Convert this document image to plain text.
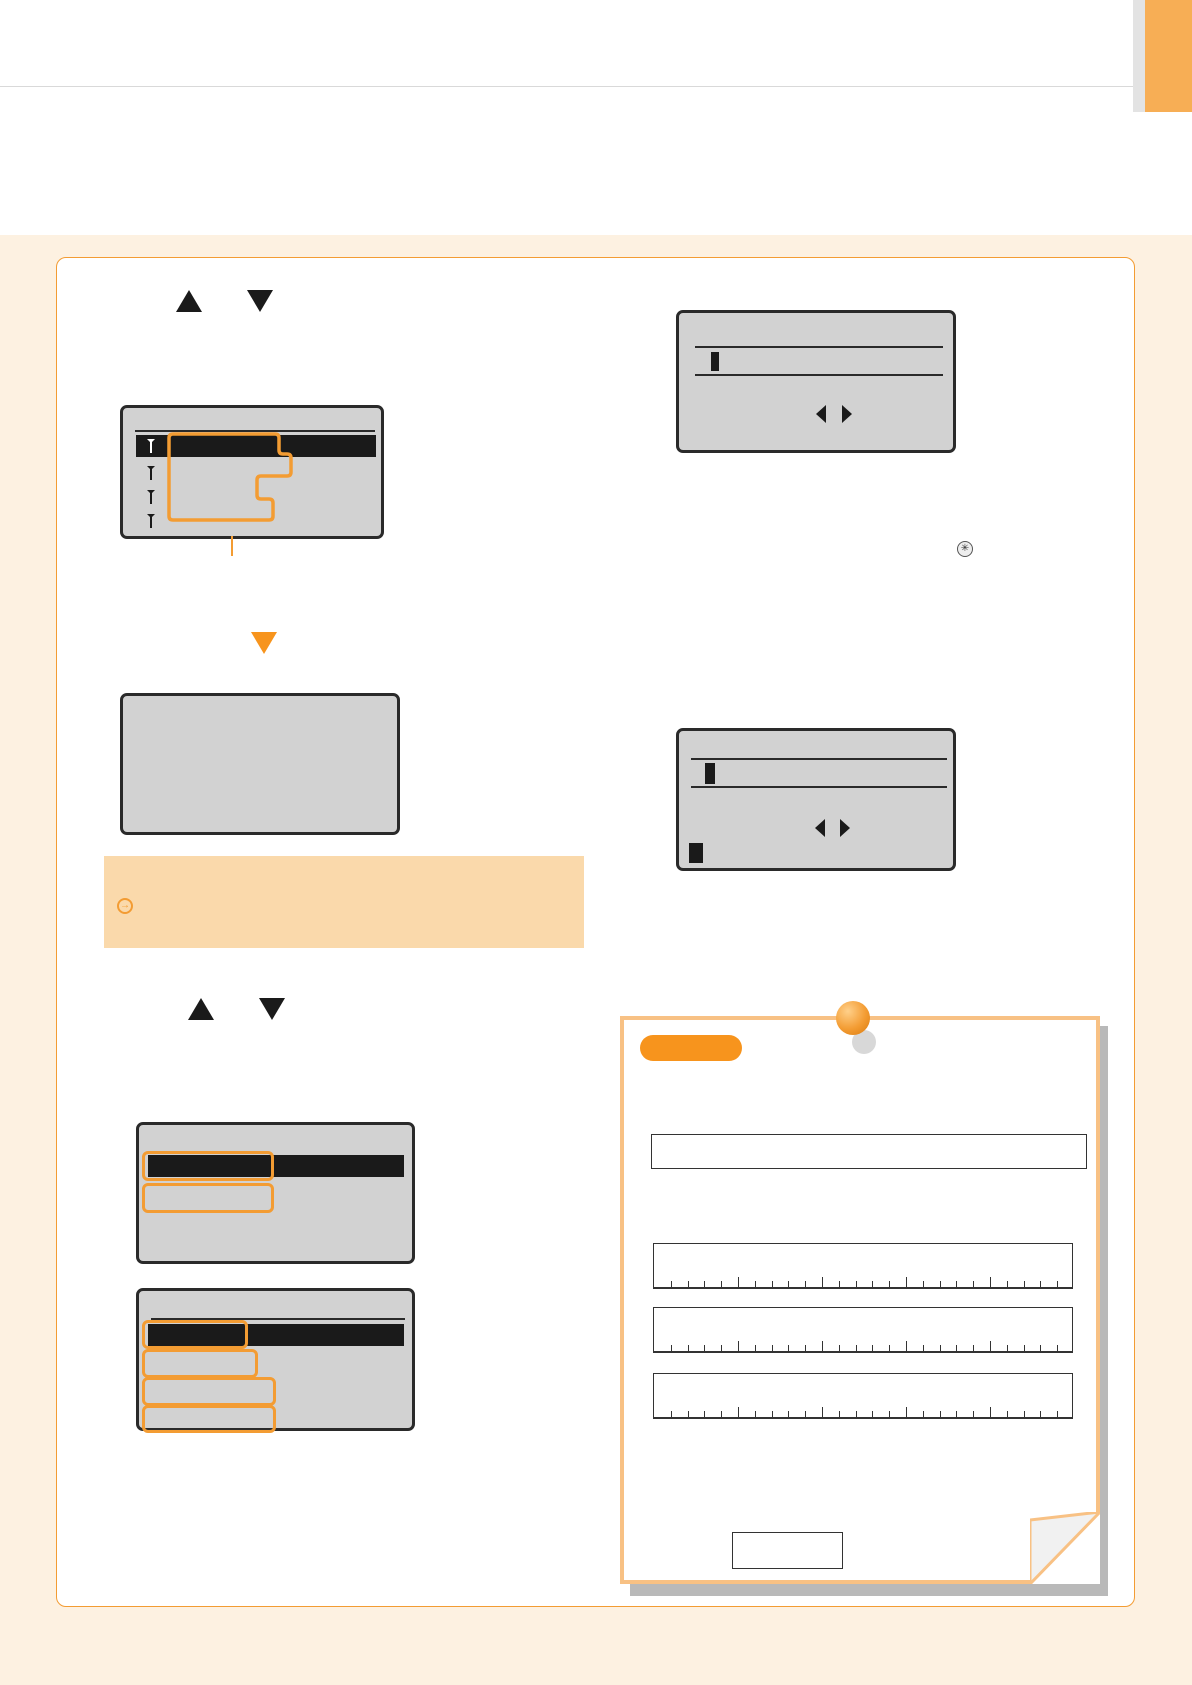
→
✳
